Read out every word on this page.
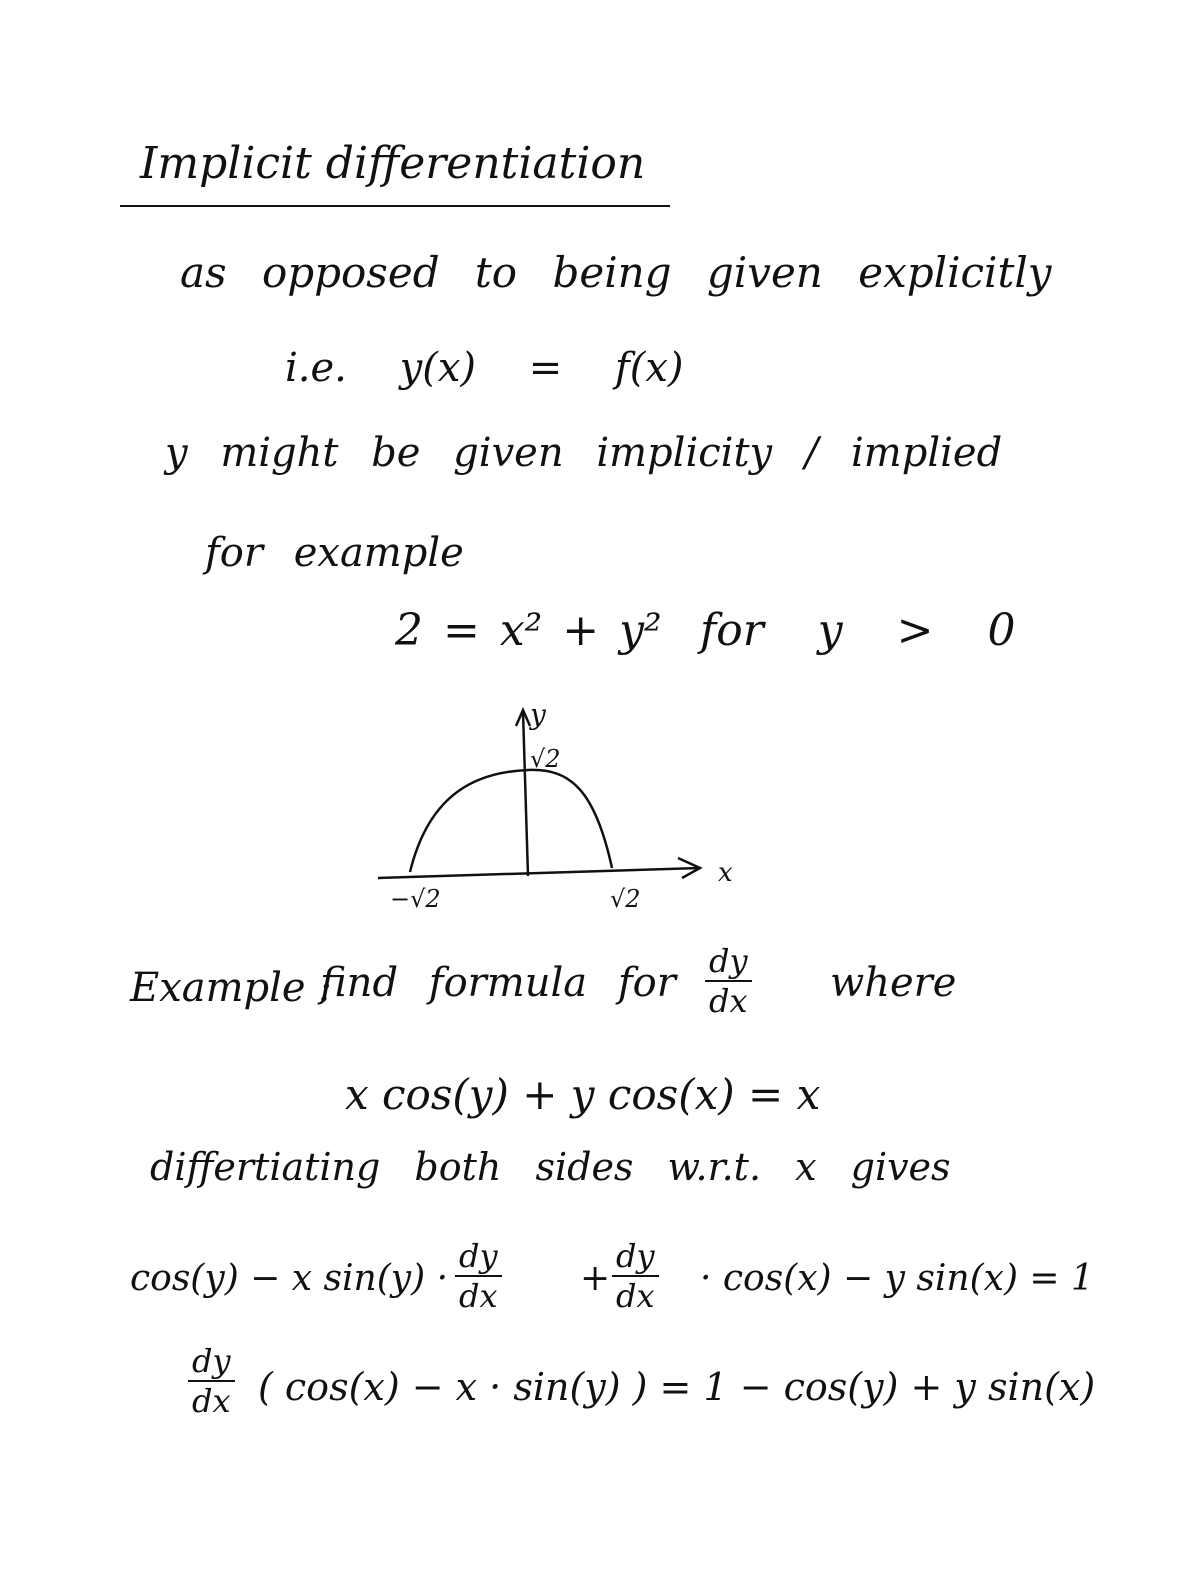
Implicit differentiation
as opposed to being given explicitly
i.e. y(x) = f(x)
y might be given implicity / implied
for example
2 = x² + y² for y > 0
y
√2
−√2	√2
x
Example :
find formula for dy
dx where
x cos(y) + y cos(x) = x
differtiating both sides w.r.t. x gives
cos(y) − x sin(y) ·
dy
dx +
dy
dx · cos(x) − y sin(x) = 1
dy
dx ( cos(x) − x · sin(y) ) = 1 − cos(y) + y sin(x)
